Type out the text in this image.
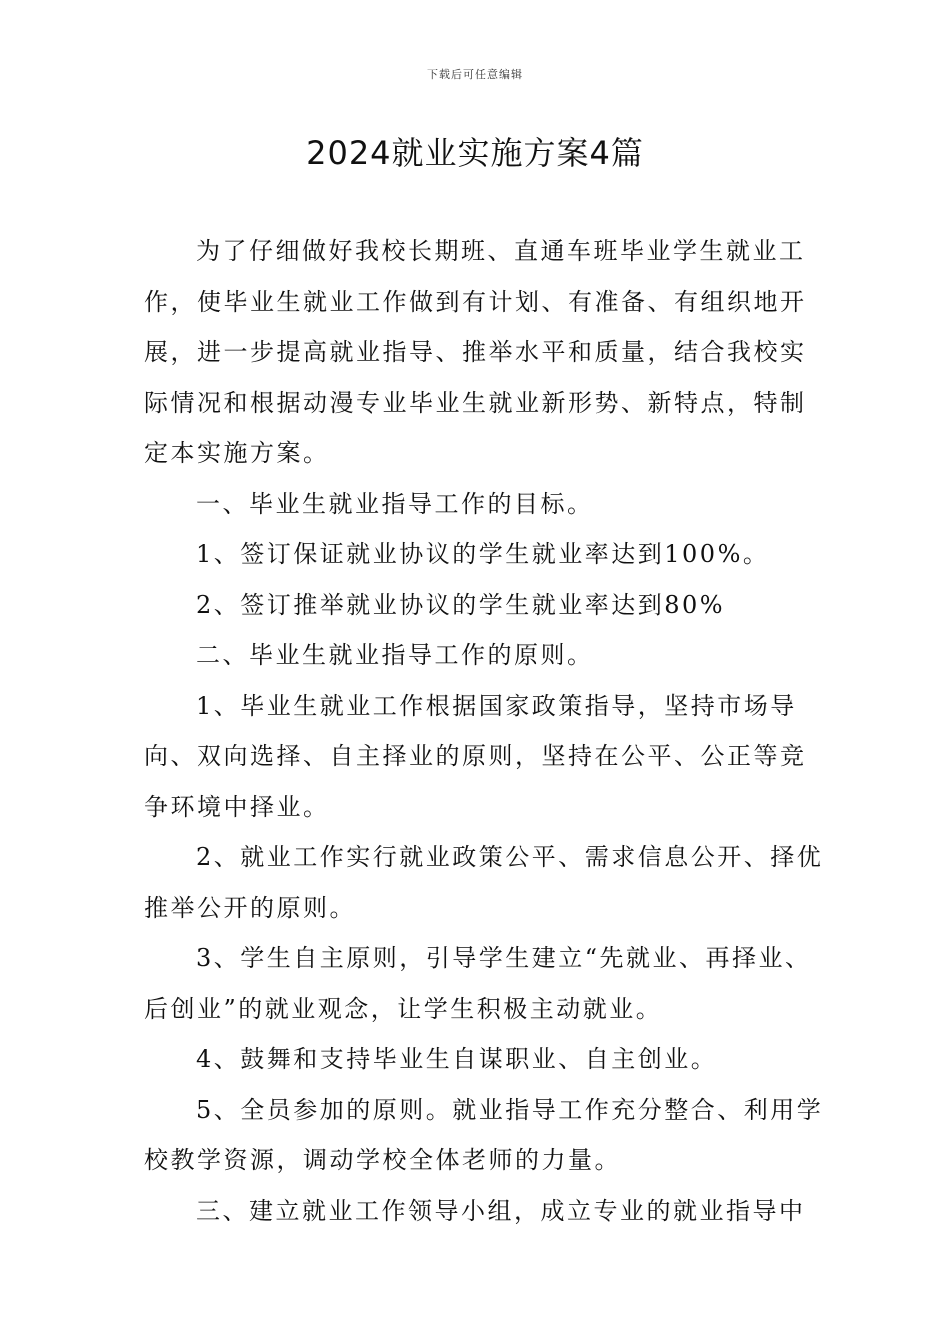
下载后可任意编辑
2024就业实施方案4篇

为了仔细做好我校长期班、直通车班毕业学生就业工作，使毕业生就业工作做到有计划、有准备、有组织地开展，进一步提高就业指导、推举水平和质量，结合我校实际情况和根据动漫专业毕业生就业新形势、新特点，特制定本实施方案。

一、毕业生就业指导工作的目标。

1、签订保证就业协议的学生就业率达到100%。

2、签订推举就业协议的学生就业率达到80%

二、毕业生就业指导工作的原则。

1、毕业生就业工作根据国家政策指导，坚持市场导向、双向选择、自主择业的原则，坚持在公平、公正等竞争环境中择业。

2、就业工作实行就业政策公平、需求信息公开、择优推举公开的原则。

3、学生自主原则，引导学生建立“先就业、再择业、后创业”的就业观念，让学生积极主动就业。

4、鼓舞和支持毕业生自谋职业、自主创业。

5、全员参加的原则。就业指导工作充分整合、利用学校教学资源，调动学校全体老师的力量。

三、建立就业工作领导小组，成立专业的就业指导中
